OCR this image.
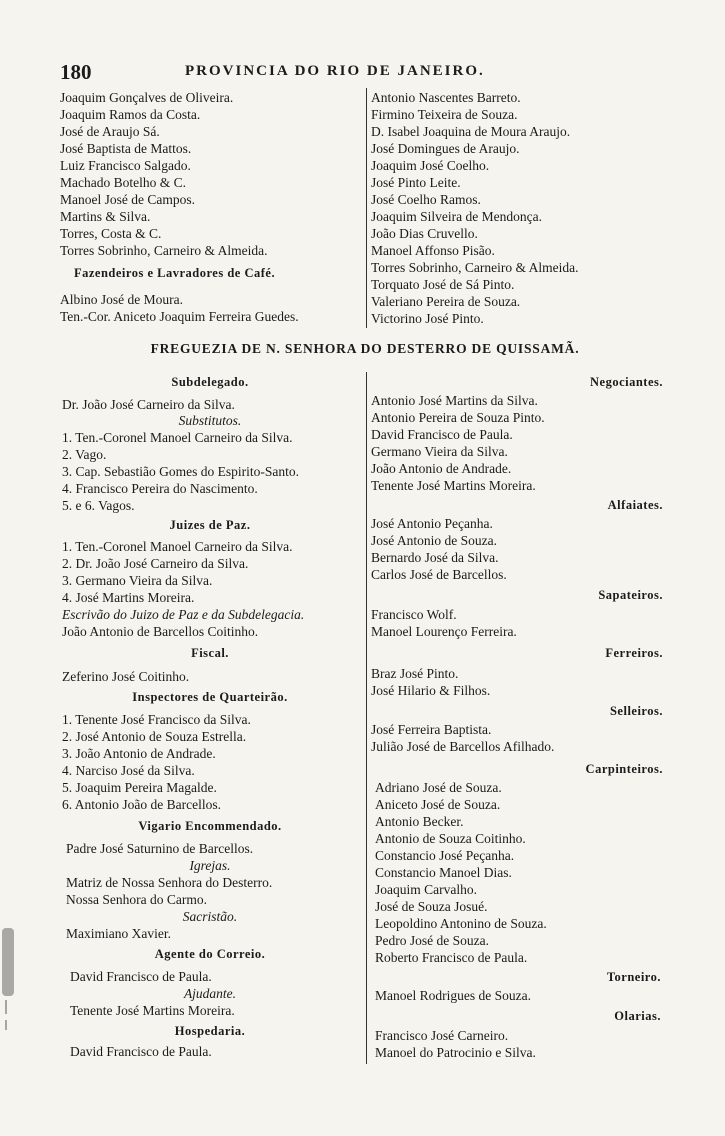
180	PROVINCIA DO RIO DE JANEIRO.
Joaquim Gonçalves de Oliveira.
Joaquim Ramos da Costa.
José de Araujo Sá.
José Baptista de Mattos.
Luiz Francisco Salgado.
Machado Botelho & C.
Manoel José de Campos.
Martins & Silva.
Torres, Costa & C.
Torres Sobrinho, Carneiro & Almeida.
Fazendeiros e Lavradores de Café.
Albino José de Moura.
Ten.-Cor. Aniceto Joaquim Ferreira Guedes.
Antonio Nascentes Barreto.
Firmino Teixeira de Souza.
D. Isabel Joaquina de Moura Araujo.
José Domingues de Araujo.
Joaquim José Coelho.
José Pinto Leite.
José Coelho Ramos.
Joaquim Silveira de Mendonça.
João Dias Cruvello.
Manoel Affonso Pisão.
Torres Sobrinho, Carneiro & Almeida.
Torquato José de Sá Pinto.
Valeriano Pereira de Souza.
Victorino José Pinto.
FREGUEZIA DE N. SENHORA DO DESTERRO DE QUISSAMÃ.
Subdelegado.
Dr. João José Carneiro da Silva.
Substitutos.
1. Ten.-Coronel Manoel Carneiro da Silva.
2. Vago.
3. Cap. Sebastião Gomes do Espirito-Santo.
4. Francisco Pereira do Nascimento.
5. e 6. Vagos.
Juizes de Paz.
1. Ten.-Coronel Manoel Carneiro da Silva.
2. Dr. João José Carneiro da Silva.
3. Germano Vieira da Silva.
4. José Martins Moreira.
Escrivão do Juizo de Paz e da Subdelegacia.
João Antonio de Barcellos Coitinho.
Fiscal.
Zeferino José Coitinho.
Inspectores de Quarteirão.
1. Tenente José Francisco da Silva.
2. José Antonio de Souza Estrella.
3. João Antonio de Andrade.
4. Narciso José da Silva.
5. Joaquim Pereira Magalde.
6. Antonio João de Barcellos.
Vigario Encommendado.
Padre José Saturnino de Barcellos.
Igrejas.
Matriz de Nossa Senhora do Desterro.
Nossa Senhora do Carmo.
Sacristão.
Maximiano Xavier.
Agente do Correio.
David Francisco de Paula.
Ajudante.
Tenente José Martins Moreira.
Hospedaria.
David Francisco de Paula.
Negociantes.
Antonio José Martins da Silva.
Antonio Pereira de Souza Pinto.
David Francisco de Paula.
Germano Vieira da Silva.
João Antonio de Andrade.
Tenente José Martins Moreira.
Alfaiates.
José Antonio Peçanha.
José Antonio de Souza.
Bernardo José da Silva.
Carlos José de Barcellos.
Sapateiros.
Francisco Wolf.
Manoel Lourenço Ferreira.
Ferreiros.
Braz José Pinto.
José Hilario & Filhos.
Selleiros.
José Ferreira Baptista.
Julião José de Barcellos Afilhado.
Carpinteiros.
Adriano José de Souza.
Aniceto José de Souza.
Antonio Becker.
Antonio de Souza Coitinho.
Constancio José Peçanha.
Constancio Manoel Dias.
Joaquim Carvalho.
José de Souza Josué.
Leopoldino Antonino de Souza.
Pedro José de Souza.
Roberto Francisco de Paula.
Torneiro.
Manoel Rodrigues de Souza.
Olarias.
Francisco José Carneiro.
Manoel do Patrocinio e Silva.
